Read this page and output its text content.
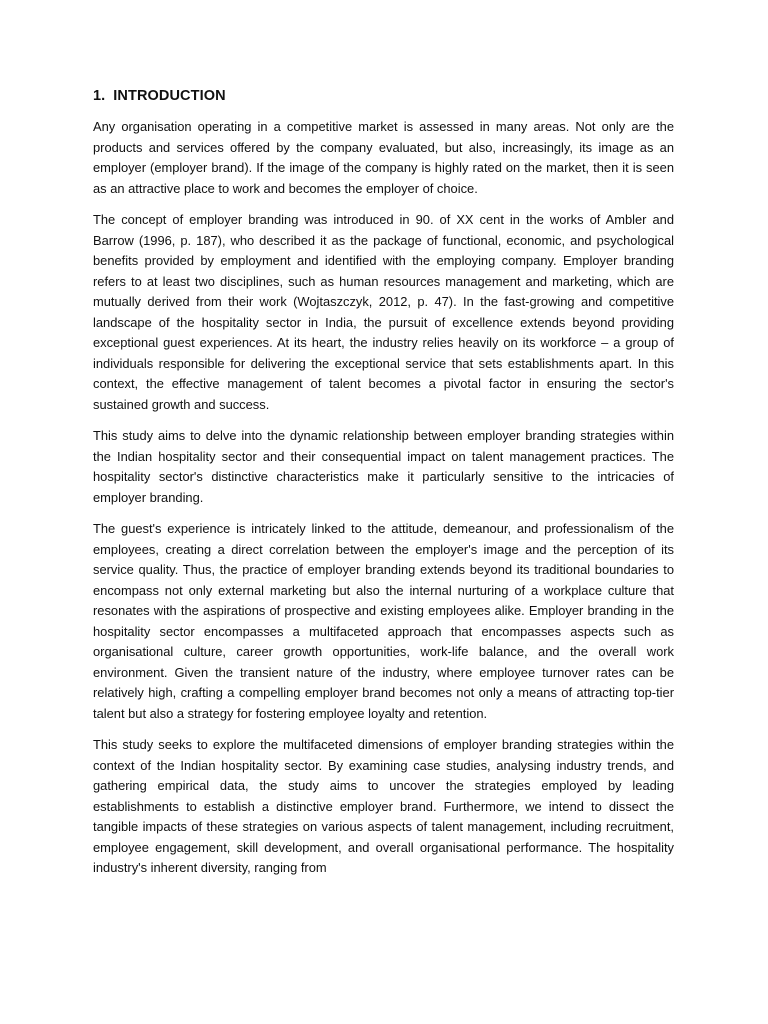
1. INTRODUCTION

Any organisation operating in a competitive market is assessed in many areas. Not only are the products and services offered by the company evaluated, but also, increasingly, its image as an employer (employer brand). If the image of the company is highly rated on the market, then it is seen as an attractive place to work and becomes the employer of choice.

The concept of employer branding was introduced in 90. of XX cent in the works of Ambler and Barrow (1996, p. 187), who described it as the package of functional, economic, and psychological benefits provided by employment and identified with the employing company. Employer branding refers to at least two disciplines, such as human resources management and marketing, which are mutually derived from their work (Wojtaszczyk, 2012, p. 47). In the fast-growing and competitive landscape of the hospitality sector in India, the pursuit of excellence extends beyond providing exceptional guest experiences. At its heart, the industry relies heavily on its workforce – a group of individuals responsible for delivering the exceptional service that sets establishments apart. In this context, the effective management of talent becomes a pivotal factor in ensuring the sector's sustained growth and success.

This study aims to delve into the dynamic relationship between employer branding strategies within the Indian hospitality sector and their consequential impact on talent management practices. The hospitality sector's distinctive characteristics make it particularly sensitive to the intricacies of employer branding.

The guest's experience is intricately linked to the attitude, demeanour, and professionalism of the employees, creating a direct correlation between the employer's image and the perception of its service quality. Thus, the practice of employer branding extends beyond its traditional boundaries to encompass not only external marketing but also the internal nurturing of a workplace culture that resonates with the aspirations of prospective and existing employees alike. Employer branding in the hospitality sector encompasses a multifaceted approach that encompasses aspects such as organisational culture, career growth opportunities, work-life balance, and the overall work environment. Given the transient nature of the industry, where employee turnover rates can be relatively high, crafting a compelling employer brand becomes not only a means of attracting top-tier talent but also a strategy for fostering employee loyalty and retention.

This study seeks to explore the multifaceted dimensions of employer branding strategies within the context of the Indian hospitality sector. By examining case studies, analysing industry trends, and gathering empirical data, the study aims to uncover the strategies employed by leading establishments to establish a distinctive employer brand. Furthermore, we intend to dissect the tangible impacts of these strategies on various aspects of talent management, including recruitment, employee engagement, skill development, and overall organisational performance. The hospitality industry's inherent diversity, ranging from
